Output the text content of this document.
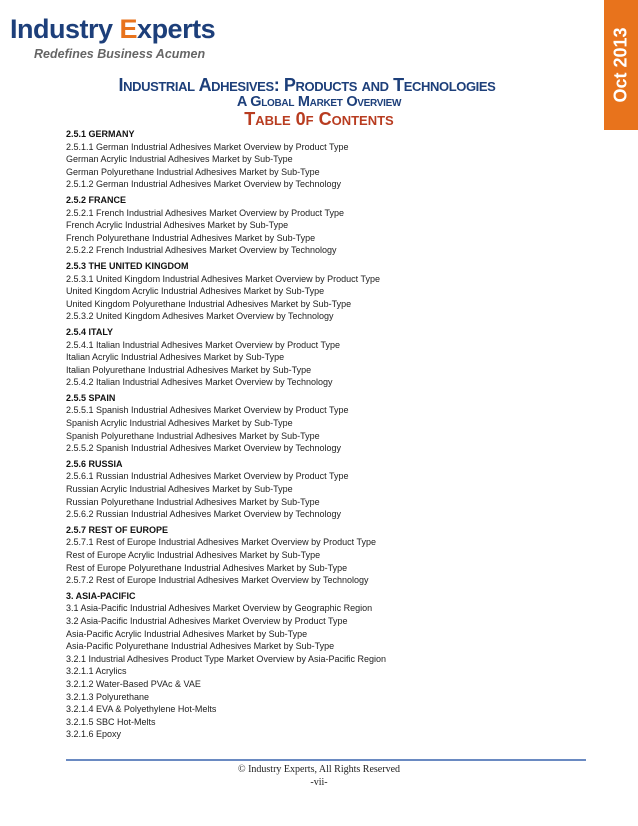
Industry Experts
Redefines Business Acumen	Oct 2013
Industrial Adhesives: Products and Technologies
A Global Market Overview
Table 0f Contents
2.5.1 GERMANY
2.5.1.1 German Industrial Adhesives Market Overview by Product Type
German Acrylic Industrial Adhesives Market by Sub-Type
German Polyurethane Industrial Adhesives Market by Sub-Type
2.5.1.2 German Industrial Adhesives Market Overview by Technology
2.5.2 FRANCE
2.5.2.1 French Industrial Adhesives Market Overview by Product Type
French Acrylic Industrial Adhesives Market by Sub-Type
French Polyurethane Industrial Adhesives Market by Sub-Type
2.5.2.2 French Industrial Adhesives Market Overview by Technology
2.5.3 THE UNITED KINGDOM
2.5.3.1 United Kingdom Industrial Adhesives Market Overview by Product Type
United Kingdom Acrylic Industrial Adhesives Market by Sub-Type
United Kingdom Polyurethane Industrial Adhesives Market by Sub-Type
2.5.3.2 United Kingdom Adhesives Market Overview by Technology
2.5.4 ITALY
2.5.4.1 Italian Industrial Adhesives Market Overview by Product Type
Italian Acrylic Industrial Adhesives Market by Sub-Type
Italian Polyurethane Industrial Adhesives Market by Sub-Type
2.5.4.2 Italian Industrial Adhesives Market Overview by Technology
2.5.5 SPAIN
2.5.5.1 Spanish Industrial Adhesives Market Overview by Product Type
Spanish Acrylic Industrial Adhesives Market by Sub-Type
Spanish Polyurethane Industrial Adhesives Market by Sub-Type
2.5.5.2 Spanish Industrial Adhesives Market Overview by Technology
2.5.6 RUSSIA
2.5.6.1 Russian Industrial Adhesives Market Overview by Product Type
Russian Acrylic Industrial Adhesives Market by Sub-Type
Russian Polyurethane Industrial Adhesives Market by Sub-Type
2.5.6.2 Russian Industrial Adhesives Market Overview by Technology
2.5.7 REST OF EUROPE
2.5.7.1 Rest of Europe Industrial Adhesives Market Overview by Product Type
Rest of Europe Acrylic Industrial Adhesives Market by Sub-Type
Rest of Europe Polyurethane Industrial Adhesives Market by Sub-Type
2.5.7.2 Rest of Europe Industrial Adhesives Market Overview by Technology
3. ASIA-PACIFIC
3.1 Asia-Pacific Industrial Adhesives Market Overview by Geographic Region
3.2 Asia-Pacific Industrial Adhesives Market Overview by Product Type
Asia-Pacific Acrylic Industrial Adhesives Market by Sub-Type
Asia-Pacific Polyurethane Industrial Adhesives Market by Sub-Type
3.2.1 Industrial Adhesives Product Type Market Overview by Asia-Pacific Region
3.2.1.1 Acrylics
3.2.1.2 Water-Based PVAc & VAE
3.2.1.3 Polyurethane
3.2.1.4 EVA & Polyethylene Hot-Melts
3.2.1.5 SBC Hot-Melts
3.2.1.6 Epoxy
© Industry Experts, All Rights Reserved
-vii-
